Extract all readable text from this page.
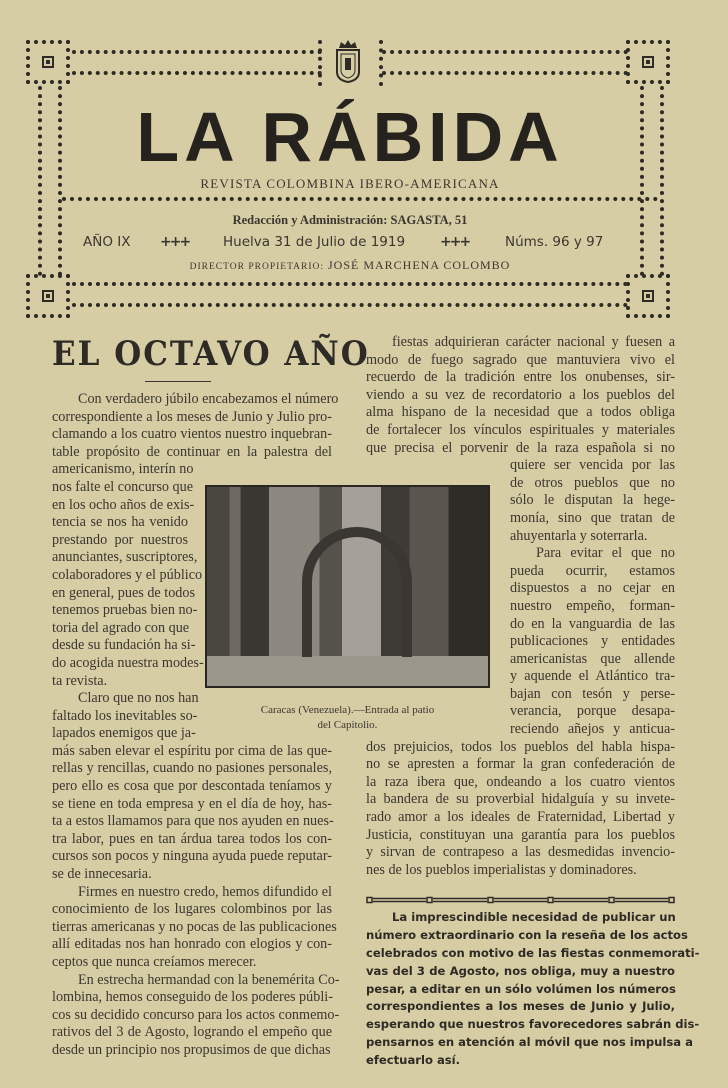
LA RÁBIDA
REVISTA COLOMBINA IBERO-AMERICANA
Redacción y Administración: SAGASTA, 51
AÑO IX +++	Huelva 31 de Julio de 1919 +++	Núms. 96 y 97
DIRECTOR PROPIETARIO: JOSÉ MARCHENA COLOMBO
EL OCTAVO AÑO
Con verdadero júbilo encabezamos el número
correspondiente a los meses de Junio y Julio pro-
clamando a los cuatro vientos nuestro inquebran-
table propósito de continuar en la palestra del
americanismo, interín no
nos falte el concurso que
en los ocho años de exis-
tencia se nos ha venido
prestando por nuestros
anunciantes, suscriptores,
colaboradores y el público
en general, pues de todos
tenemos pruebas bien no-
toria del agrado con que
desde su fundación ha si-
do acogida nuestra modes-
ta revista.
Claro que no nos han
faltado los inevitables so-
lapados enemigos que ja-
más saben elevar el espíritu por cima de las que-
rellas y rencillas, cuando no pasiones personales,
pero ello es cosa que por descontada teníamos y
se tiene en toda empresa y en el día de hoy, has-
ta a estos llamamos para que nos ayuden en nues-
tra labor, pues en tan árdua tarea todos los con-
cursos son pocos y ninguna ayuda puede reputar-
se de innecesaria.
Firmes en nuestro credo, hemos difundido el
conocimiento de los lugares colombinos por las
tierras americanas y no pocas de las publicaciones
allí editadas nos han honrado con elogios y con-
ceptos que nunca creíamos merecer.
En estrecha hermandad con la benemérita Co-
lombina, hemos conseguido de los poderes públi-
cos su decidido concurso para los actos conmemo-
rativos del 3 de Agosto, logrando el empeño que
desde un principio nos propusimos de que dichas
fiestas adquirieran carácter nacional y fuesen a
modo de fuego sagrado que mantuviera vivo el
recuerdo de la tradición entre los onubenses, sir-
viendo a su vez de recordatorio a los pueblos del
alma hispano de la necesidad que a todos obliga
de fortalecer los vínculos espirituales y materiales
que precisa el porvenir de la raza española si no
quiere ser vencida por las
de otros pueblos que no
sólo le disputan la hege-
monía, sino que tratan de
ahuyentarla y soterrarla.
Para evitar el que no
pueda ocurrir, estamos
dispuestos a no cejar en
nuestro empeño, forman-
do en la vanguardia de las
publicaciones y entidades
americanistas que allende
y aquende el Atlántico tra-
bajan con tesón y perse-
verancia, porque desapa-
reciendo añejos y anticua-
dos prejuicios, todos los pueblos del habla hispa-
no se apresten a formar la gran confederación de
la raza ibera que, ondeando a los cuatro vientos
la bandera de su proverbial hidalguía y su invete-
rado amor a los ideales de Fraternidad, Libertad y
Justicia, constituyan una garantía para los pueblos
y sirvan de contrapeso a las desmedidas invencio-
nes de los pueblos imperialistas y dominadores.
Caracas (Venezuela).—Entrada al patio
del Capitolio.
La imprescindible necesidad de publicar un
número extraordinario con la reseña de los actos
celebrados con motivo de las fiestas conmemorati-
vas del 3 de Agosto, nos obliga, muy a nuestro
pesar, a editar en un sólo volúmen los números
correspondientes a los meses de Junio y Julio,
esperando que nuestros favorecedores sabrán dis-
pensarnos en atención al móvil que nos impulsa a
efectuarlo así.
